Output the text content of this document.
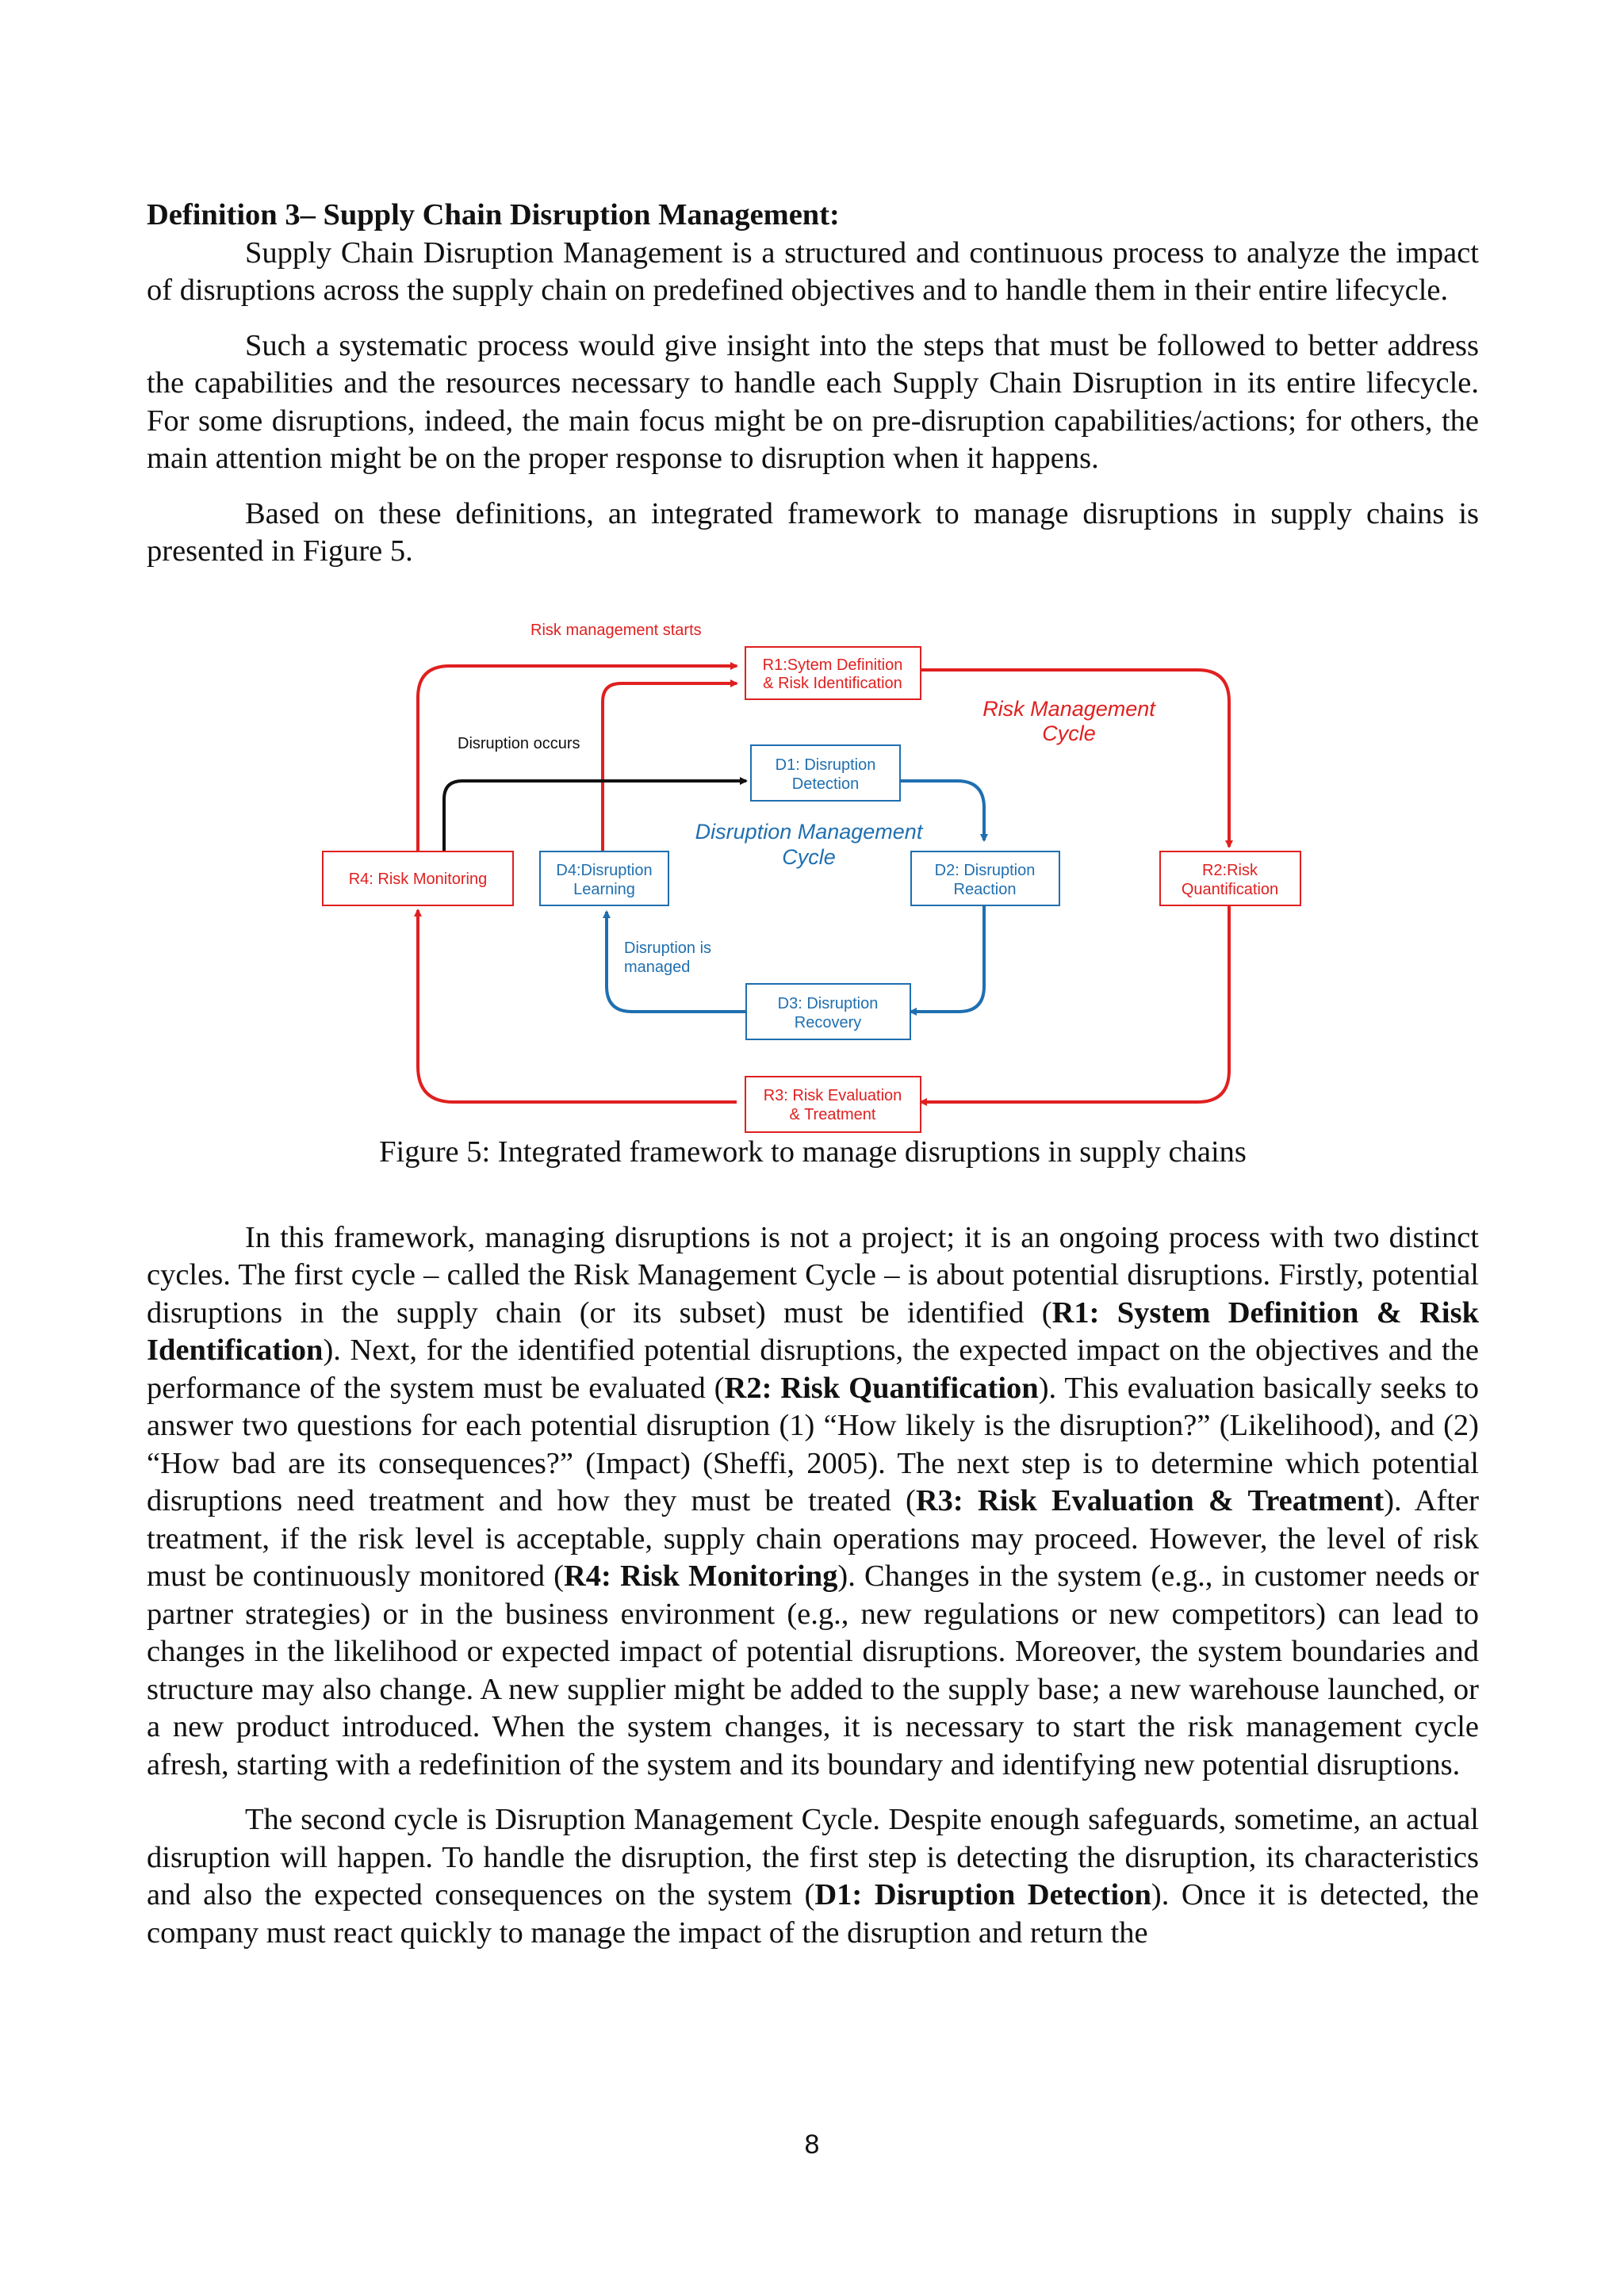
Definition 3– Supply Chain Disruption Management:

Supply Chain Disruption Management is a structured and continuous process to analyze the impact of disruptions across the supply chain on predefined objectives and to handle them in their entire lifecycle.

Such a systematic process would give insight into the steps that must be followed to better address the capabilities and the resources necessary to handle each Supply Chain Disruption in its entire lifecycle. For some disruptions, indeed, the main focus might be on pre-disruption capabilities/actions; for others, the main attention might be on the proper response to disruption when it happens.

Based on these definitions, an integrated framework to manage disruptions in supply chains is presented in Figure 5.

R1:Sytem Definition
& Risk Identification
R2:Risk
Quantification
R3: Risk Evaluation
& Treatment
R4: Risk Monitoring
D1: Disruption
Detection
D2: Disruption
Reaction
D3: Disruption
Recovery
D4:Disruption
Learning
Risk management starts
Disruption occurs
Disruption is
managed
Risk Management
Cycle
Disruption Management
Cycle

Figure 5: Integrated framework to manage disruptions in supply chains

In this framework, managing disruptions is not a project; it is an ongoing process with two distinct cycles. The first cycle – called the Risk Management Cycle – is about potential disruptions. Firstly, potential disruptions in the supply chain (or its subset) must be identified (R1: System Definition & Risk Identification). Next, for the identified potential disruptions, the expected impact on the objectives and the performance of the system must be evaluated (R2: Risk Quantification). This evaluation basically seeks to answer two questions for each potential disruption (1) “How likely is the disruption?” (Likelihood), and (2) “How bad are its consequences?” (Impact) (Sheffi, 2005). The next step is to determine which potential disruptions need treatment and how they must be treated (R3: Risk Evaluation & Treatment). After treatment, if the risk level is acceptable, supply chain operations may proceed. However, the level of risk must be continuously monitored (R4: Risk Monitoring). Changes in the system (e.g., in customer needs or partner strategies) or in the business environment (e.g., new regulations or new competitors) can lead to changes in the likelihood or expected impact of potential disruptions. Moreover, the system boundaries and structure may also change. A new supplier might be added to the supply base; a new warehouse launched, or a new product introduced. When the system changes, it is necessary to start the risk management cycle afresh, starting with a redefinition of the system and its boundary and identifying new potential disruptions.

The second cycle is Disruption Management Cycle. Despite enough safeguards, sometime, an actual disruption will happen. To handle the disruption, the first step is detecting the disruption, its characteristics and also the expected consequences on the system (D1: Disruption Detection). Once it is detected, the company must react quickly to manage the impact of the disruption and return the

8
